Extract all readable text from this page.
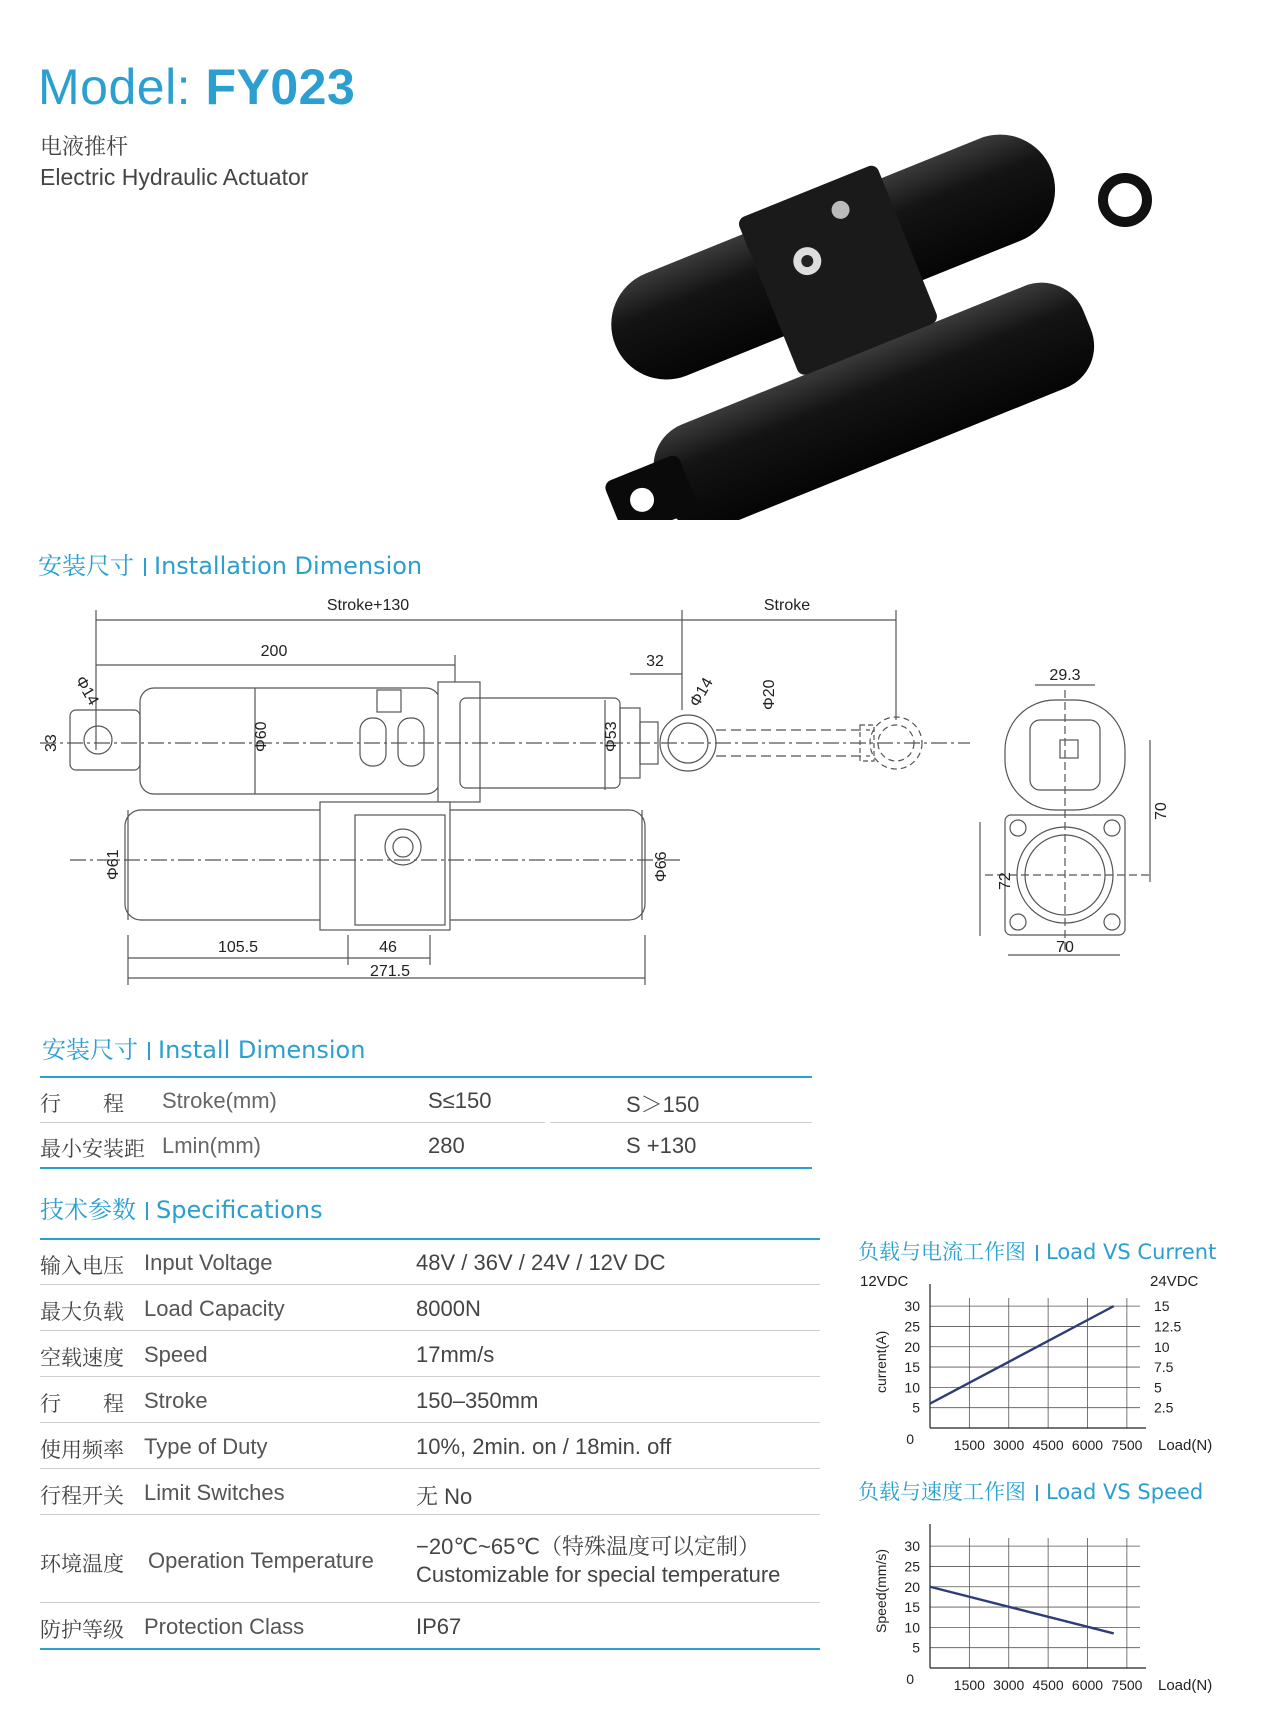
Model: FY023
电液推杆
Electric Hydraulic Actuator
安装尺寸 Installation Dimension
Stroke+130	Stroke
200
32
Φ14	Φ14	Φ20
33	Φ60	Φ53
Φ61	Φ66
105.5	46
271.5
29.3
70
72
70
安装尺寸 Install Dimension
行　　程 Stroke(mm)	S≤150	S＞150
最小安装距 Lmin(mm)	280	S +130
技术参数 Specifications
输入电压 Input Voltage	48V / 36V / 24V / 12V DC
最大负载 Load Capacity	8000N
空载速度 Speed	17mm/s
行　　程 Stroke	150–350mm
使用频率 Type of Duty	10%, 2min. on / 18min. off
行程开关 Limit Switches	无 No
环境温度 Operation Temperature
−20℃~65℃（特殊温度可以定制）
Customizable for special temperature
防护等级 Protection Class	IP67
负载与电流工作图 Load VS Current
负载与速度工作图 Load VS Speed
5
10
15
20
25
30
2.5
5
7.5
10
12.5
15
1500 3000 4500 6000 7500
0	Load(N)
current(A)
12VDC	24VDC
5
10
15
20
25
30
1500 3000 4500 6000 7500
0	Load(N)
Speed(mm/s)
